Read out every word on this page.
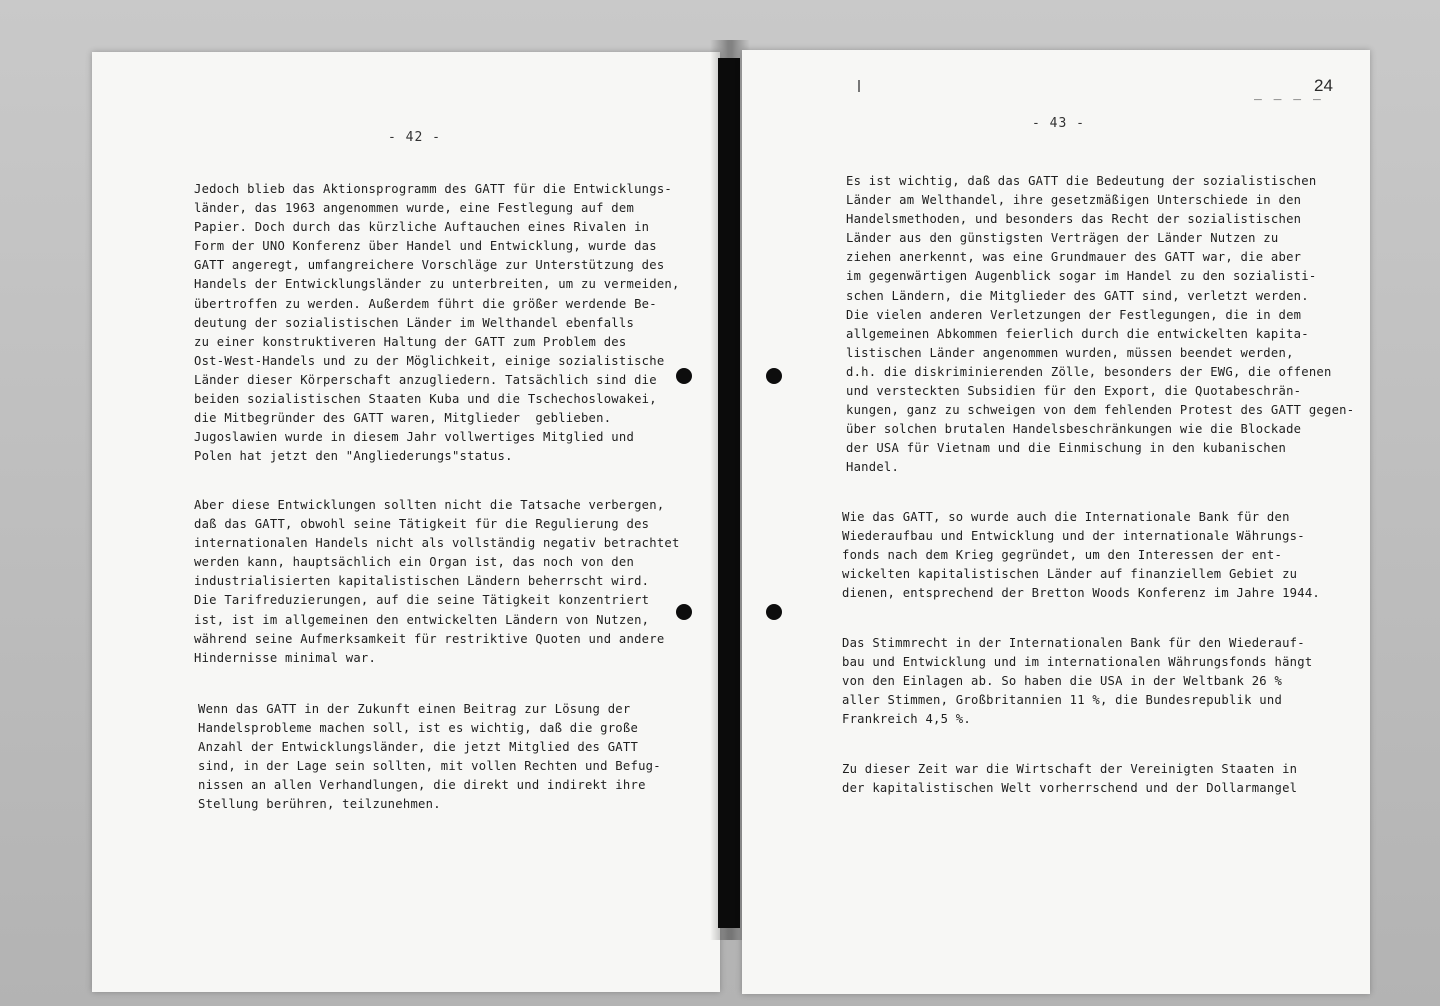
- 42 -

Jedoch blieb das Aktionsprogramm des GATT für die Entwicklungs-
länder, das 1963 angenommen wurde, eine Festlegung auf dem
Papier. Doch durch das kürzliche Auftauchen eines Rivalen in
Form der UNO Konferenz über Handel und Entwicklung, wurde das
GATT angeregt, umfangreichere Vorschläge zur Unterstützung des
Handels der Entwicklungsländer zu unterbreiten, um zu vermeiden,
übertroffen zu werden. Außerdem führt die größer werdende Be-
deutung der sozialistischen Länder im Welthandel ebenfalls
zu einer konstruktiveren Haltung der GATT zum Problem des
Ost-West-Handels und zu der Möglichkeit, einige sozialistische
Länder dieser Körperschaft anzugliedern. Tatsächlich sind die
beiden sozialistischen Staaten Kuba und die Tschechoslowakei,
die Mitbegründer des GATT waren, Mitglieder  geblieben.
Jugoslawien wurde in diesem Jahr vollwertiges Mitglied und
Polen hat jetzt den "Angliederungs"status.

Aber diese Entwicklungen sollten nicht die Tatsache verbergen,
daß das GATT, obwohl seine Tätigkeit für die Regulierung des
internationalen Handels nicht als vollständig negativ betrachtet
werden kann, hauptsächlich ein Organ ist, das noch von den
industrialisierten kapitalistischen Ländern beherrscht wird.
Die Tarifreduzierungen, auf die seine Tätigkeit konzentriert
ist, ist im allgemeinen den entwickelten Ländern von Nutzen,
während seine Aufmerksamkeit für restriktive Quoten und andere
Hindernisse minimal war.

Wenn das GATT in der Zukunft einen Beitrag zur Lösung der
Handelsprobleme machen soll, ist es wichtig, daß die große
Anzahl der Entwicklungsländer, die jetzt Mitglied des GATT
sind, in der Lage sein sollten, mit vollen Rechten und Befug-
nissen an allen Verhandlungen, die direkt und indirekt ihre
Stellung berühren, teilzunehmen.

- 43 -
_ _ _ _
24

Es ist wichtig, daß das GATT die Bedeutung der sozialistischen
Länder am Welthandel, ihre gesetzmäßigen Unterschiede in den
Handelsmethoden, und besonders das Recht der sozialistischen
Länder aus den günstigsten Verträgen der Länder Nutzen zu
ziehen anerkennt, was eine Grundmauer des GATT war, die aber
im gegenwärtigen Augenblick sogar im Handel zu den sozialisti-
schen Ländern, die Mitglieder des GATT sind, verletzt werden.
Die vielen anderen Verletzungen der Festlegungen, die in dem
allgemeinen Abkommen feierlich durch die entwickelten kapita-
listischen Länder angenommen wurden, müssen beendet werden,
d.h. die diskriminierenden Zölle, besonders der EWG, die offenen
und versteckten Subsidien für den Export, die Quotabeschrän-
kungen, ganz zu schweigen von dem fehlenden Protest des GATT gegen-
über solchen brutalen Handelsbeschränkungen wie die Blockade
der USA für Vietnam und die Einmischung in den kubanischen
Handel.

Wie das GATT, so wurde auch die Internationale Bank für den
Wiederaufbau und Entwicklung und der internationale Währungs-
fonds nach dem Krieg gegründet, um den Interessen der ent-
wickelten kapitalistischen Länder auf finanziellem Gebiet zu
dienen, entsprechend der Bretton Woods Konferenz im Jahre 1944.

Das Stimmrecht in der Internationalen Bank für den Wiederauf-
bau und Entwicklung und im internationalen Währungsfonds hängt
von den Einlagen ab. So haben die USA in der Weltbank 26 %
aller Stimmen, Großbritannien 11 %, die Bundesrepublik und
Frankreich 4,5 %.

Zu dieser Zeit war die Wirtschaft der Vereinigten Staaten in
der kapitalistischen Welt vorherrschend und der Dollarmangel
